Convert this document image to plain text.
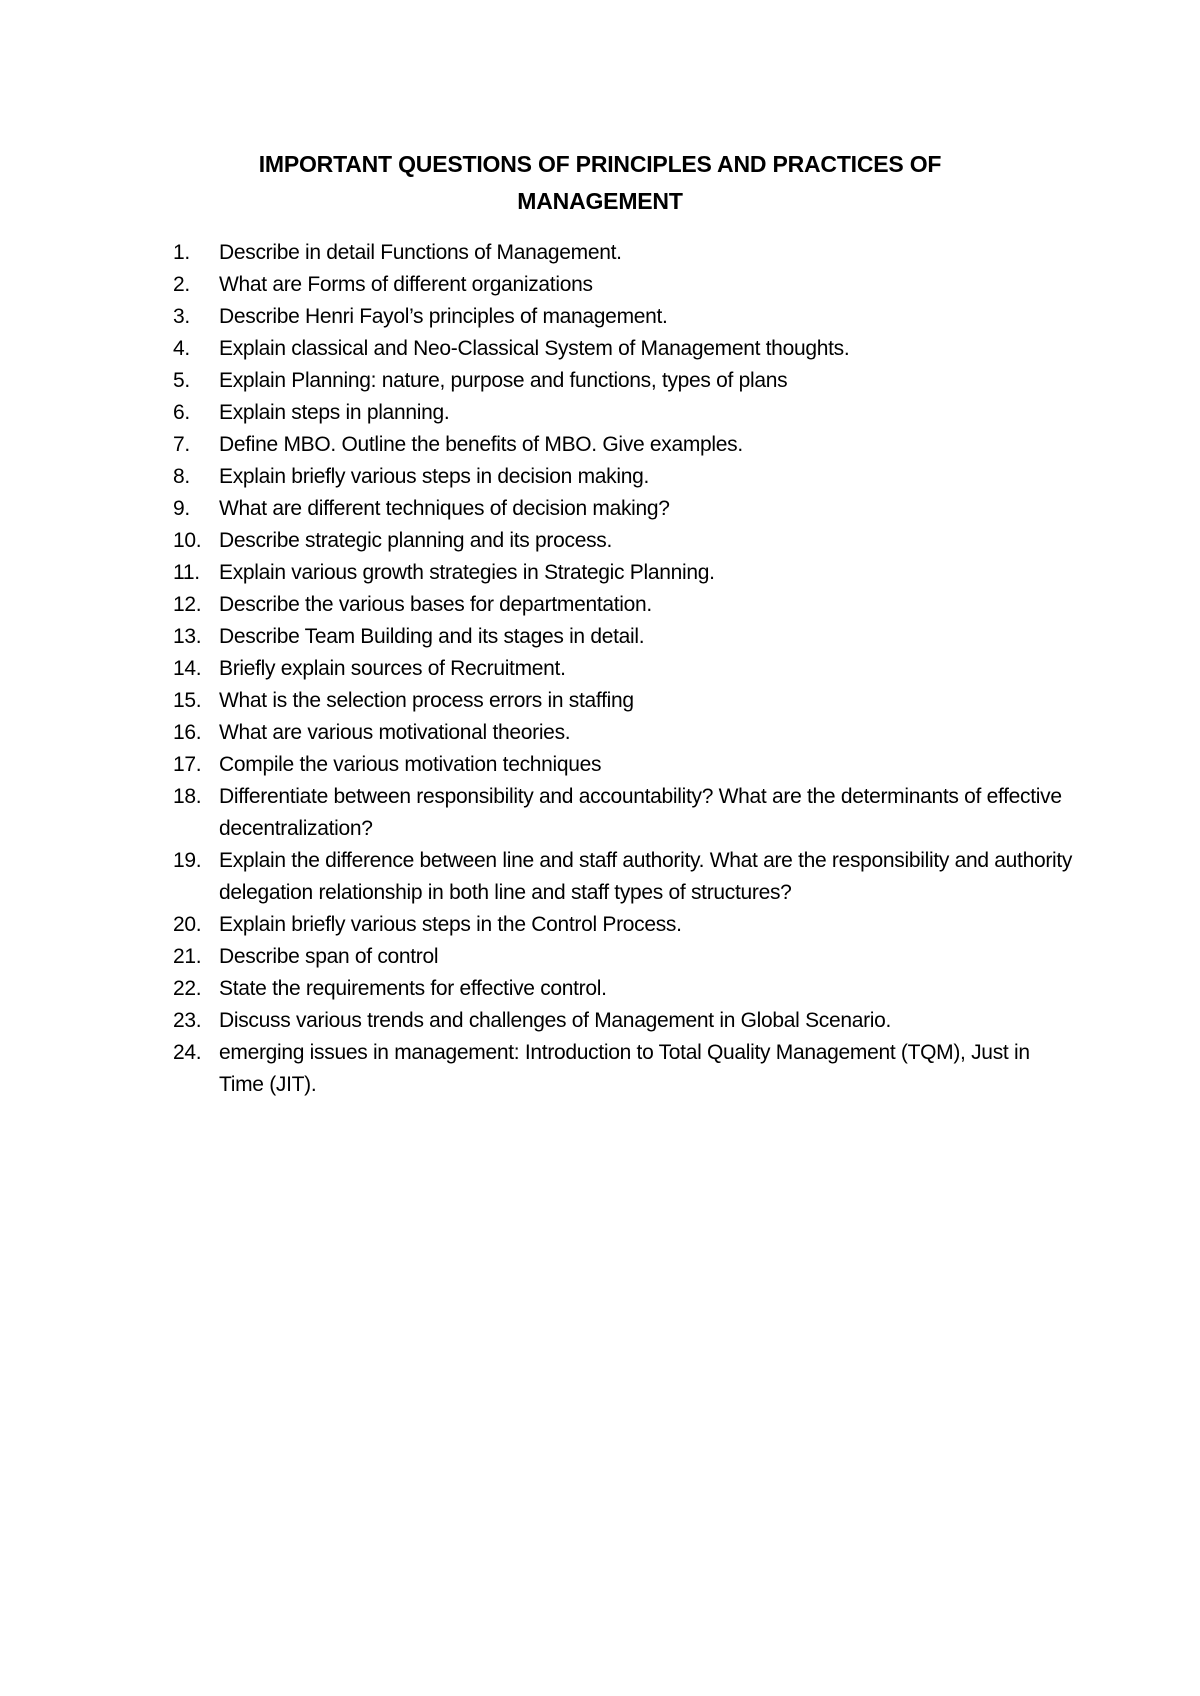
IMPORTANT QUESTIONS OF PRINCIPLES AND PRACTICES OF
MANAGEMENT
1. Describe in detail Functions of Management.
2. What are Forms of different organizations
3. Describe Henri Fayol’s principles of management.
4. Explain classical and Neo-Classical System of Management thoughts.
5. Explain Planning: nature, purpose and functions, types of plans
6. Explain steps in planning.
7. Define MBO. Outline the benefits of MBO. Give examples.
8. Explain briefly various steps in decision making.
9. What are different techniques of decision making?
10. Describe strategic planning and its process.
11. Explain various growth strategies in Strategic Planning.
12. Describe the various bases for departmentation.
13. Describe Team Building and its stages in detail.
14. Briefly explain sources of Recruitment.
15. What is the selection process errors in staffing
16. What are various motivational theories.
17. Compile the various motivation techniques
18. Differentiate between responsibility and accountability? What are the determinants of effective decentralization?
19. Explain the difference between line and staff authority. What are the responsibility and authority delegation relationship in both line and staff types of structures?
20. Explain briefly various steps in the Control Process.
21. Describe span of control
22. State the requirements for effective control.
23. Discuss various trends and challenges of Management in Global Scenario.
24. emerging issues in management: Introduction to Total Quality Management (TQM), Just in Time (JIT).
